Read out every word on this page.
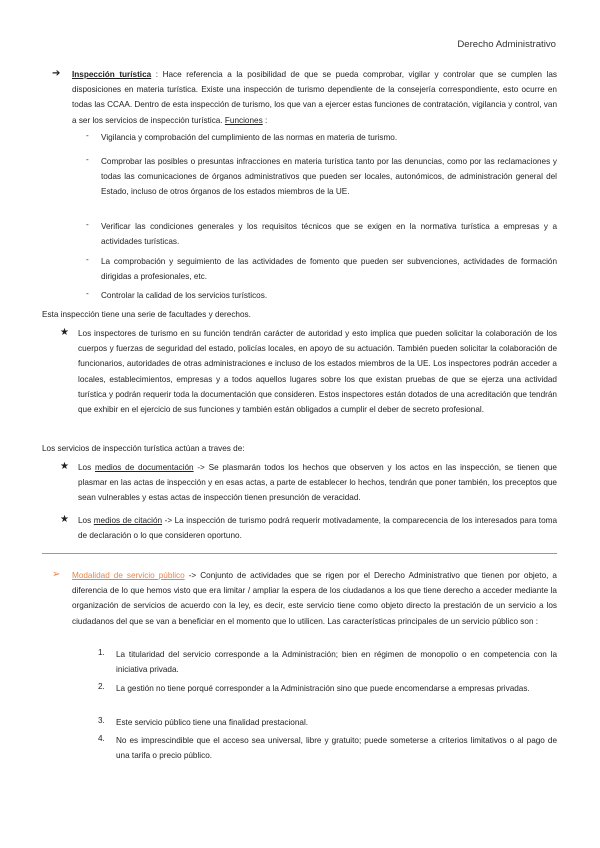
Derecho Administrativo
➔ Inspección turística : Hace referencia a la posibilidad de que se pueda comprobar, vigilar y controlar que se cumplen las disposiciones en materia turística. Existe una inspección de turismo dependiente de la consejería correspondiente, esto ocurre en todas las CCAA. Dentro de esta inspección de turismo, los que van a ejercer estas funciones de contratación, vigilancia y control, van a ser los servicios de inspección turística. Funciones :
- Vigilancia y comprobación del cumplimiento de las normas en materia de turismo.
- Comprobar las posibles o presuntas infracciones en materia turística tanto por las denuncias, como por las reclamaciones y todas las comunicaciones de órganos administrativos que pueden ser locales, autonómicos, de administración general del Estado, incluso de otros órganos de los estados miembros de la UE.
- Verificar las condiciones generales y los requisitos técnicos que se exigen en la normativa turística a empresas y a actividades turísticas.
- La comprobación y seguimiento de las actividades de fomento que pueden ser subvenciones, actividades de formación dirigidas a profesionales, etc.
- Controlar la calidad de los servicios turísticos.
Esta inspección tiene una serie de facultades y derechos.
★ Los inspectores de turismo en su función tendrán carácter de autoridad y esto implica que pueden solicitar la colaboración de los cuerpos y fuerzas de seguridad del estado, policías locales, en apoyo de su actuación. También pueden solicitar la colaboración de funcionarios, autoridades de otras administraciones e incluso de los estados miembros de la UE. Los inspectores podrán acceder a locales, establecimientos, empresas y a todos aquellos lugares sobre los que existan pruebas de que se ejerza una actividad turística y podrán requerir toda la documentación que consideren. Estos inspectores están dotados de una acreditación que tendrán que exhibir en el ejercicio de sus funciones y también están obligados a cumplir el deber de secreto profesional.
Los servicios de inspección turística actúan a traves de:
★ Los medios de documentación -> Se plasmarán todos los hechos que observen y los actos en las inspección, se tienen que plasmar en las actas de inspección y en esas actas, a parte de establecer lo hechos, tendrán que poner también, los preceptos que sean vulnerables y estas actas de inspección tienen presunción de veracidad.
★ Los medios de citación -> La inspección de turismo podrá requerir motivadamente, la comparecencia de los interesados para toma de declaración o lo que consideren oportuno.
➢ Modalidad de servicio público -> Conjunto de actividades que se rigen por el Derecho Administrativo que tienen por objeto, a diferencia de lo que hemos visto que era limitar / ampliar la espera de los ciudadanos a los que tiene derecho a acceder mediante la organización de servicios de acuerdo con la ley, es decir, este servicio tiene como objeto directo la prestación de un servicio a los ciudadanos del que se van a beneficiar en el momento que lo utilicen. Las características principales de un servicio público son :
1. La titularidad del servicio corresponde a la Administración; bien en régimen de monopolio o en competencia con la iniciativa privada.
2. La gestión no tiene porqué corresponder a la Administración sino que puede encomendarse a empresas privadas.
3. Este servicio público tiene una finalidad prestacional.
4. No es imprescindible que el acceso sea universal, libre y gratuito; puede someterse a criterios limitativos o al pago de una tarifa o precio público.
